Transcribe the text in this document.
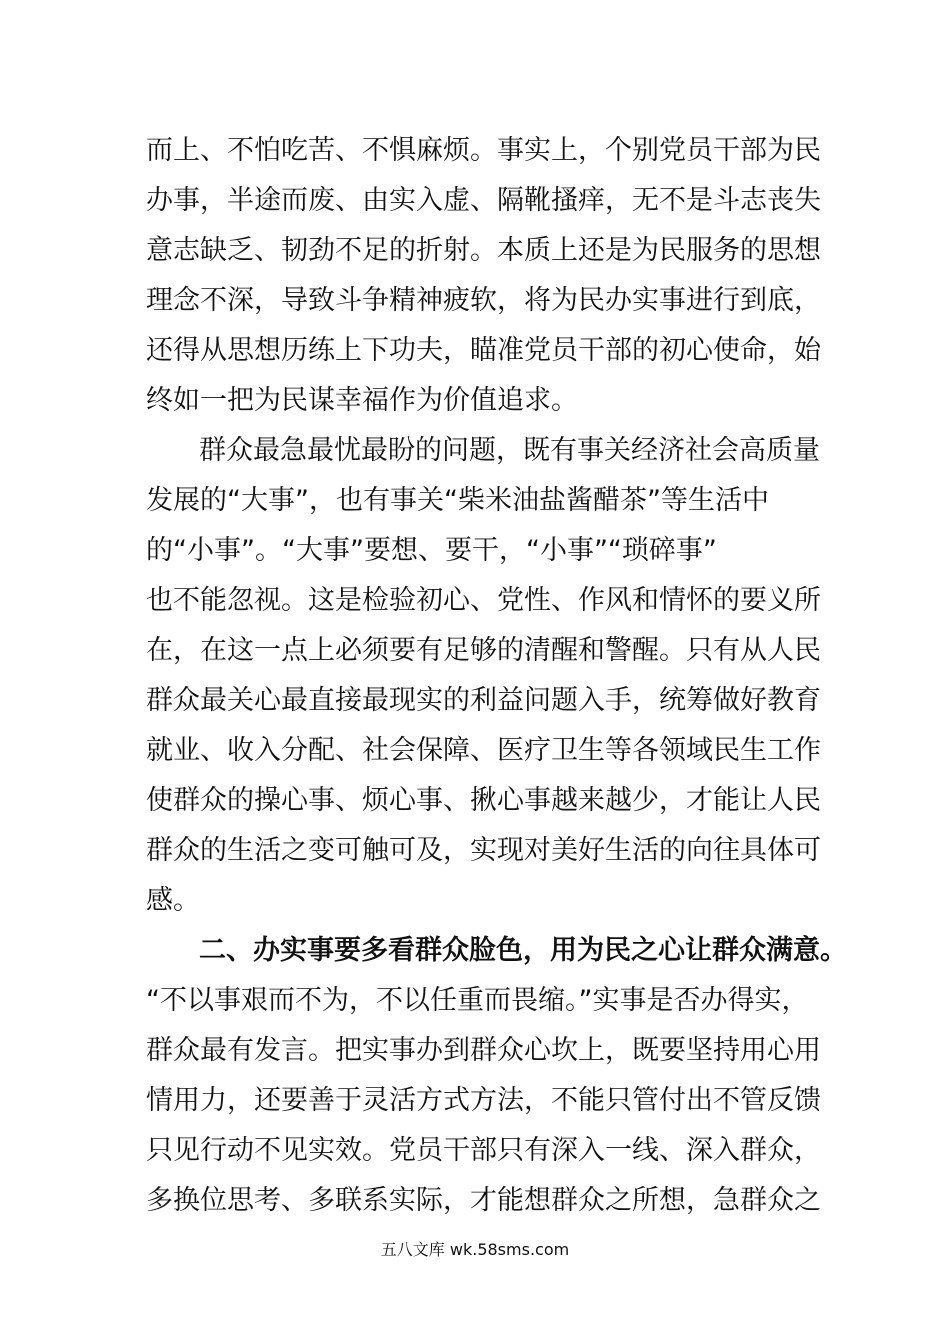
而上、不怕吃苦、不惧麻烦。事实上，个别党员干部为民
办事，半途而废、由实入虚、隔靴搔痒，无不是斗志丧失
意志缺乏、韧劲不足的折射。本质上还是为民服务的思想
理念不深，导致斗争精神疲软，将为民办实事进行到底，
还得从思想历练上下功夫，瞄准党员干部的初心使命，始
终如一把为民谋幸福作为价值追求。
群众最急最忧最盼的问题，既有事关经济社会高质量
发展的“大事”，也有事关“柴米油盐酱醋茶”等生活中
的“小事”。“大事”要想、要干，“小事”“琐碎事”
也不能忽视。这是检验初心、党性、作风和情怀的要义所
在，在这一点上必须要有足够的清醒和警醒。只有从人民
群众最关心最直接最现实的利益问题入手，统筹做好教育
就业、收入分配、社会保障、医疗卫生等各领域民生工作
使群众的操心事、烦心事、揪心事越来越少，才能让人民
群众的生活之变可触可及，实现对美好生活的向往具体可
感。
二、办实事要多看群众脸色，用为民之心让群众满意。
“不以事艰而不为，不以任重而畏缩。”实事是否办得实，
群众最有发言。把实事办到群众心坎上，既要坚持用心用
情用力，还要善于灵活方式方法，不能只管付出不管反馈
只见行动不见实效。党员干部只有深入一线、深入群众，
多换位思考、多联系实际，才能想群众之所想，急群众之
五八文库 wk.58sms.com
